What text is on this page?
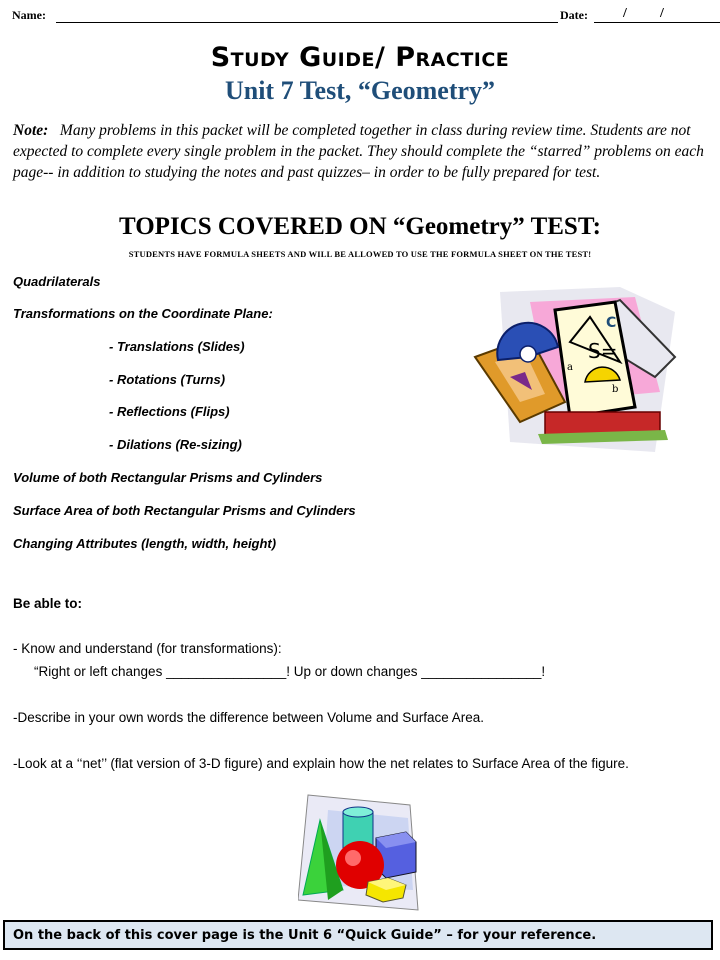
Name:	Date:	/ /
Study Guide/ Practice
Unit 7 Test, “Geometry”
Note: Many problems in this packet will be completed together in class during review time. Students are not expected to complete every single problem in the packet. They should complete the “starred” problems on each page-- in addition to studying the notes and past quizzes– in order to be fully prepared for test.
TOPICS COVERED ON “Geometry” TEST:
STUDENTS HAVE FORMULA SHEETS AND WILL BE ALLOWED TO USE THE FORMULA SHEET ON THE TEST!
Quadrilaterals
Transformations on the Coordinate Plane:
- Translations (Slides)
- Rotations (Turns)
- Reflections (Flips)
- Dilations (Re-sizing)
Volume of both Rectangular Prisms and Cylinders
Surface Area of both Rectangular Prisms and Cylinders
Changing Attributes (length, width, height)
S=
C
a
b
Be able to:
- Know and understand (for transformations):
“Right or left changes ________________! Up or down changes ________________!
-Describe in your own words the difference between Volume and Surface Area.
-Look at a ‘‘net’’ (flat version of 3-D figure) and explain how the net relates to Surface Area of the figure.
On the back of this cover page is the Unit 6 “Quick Guide” – for your reference.
